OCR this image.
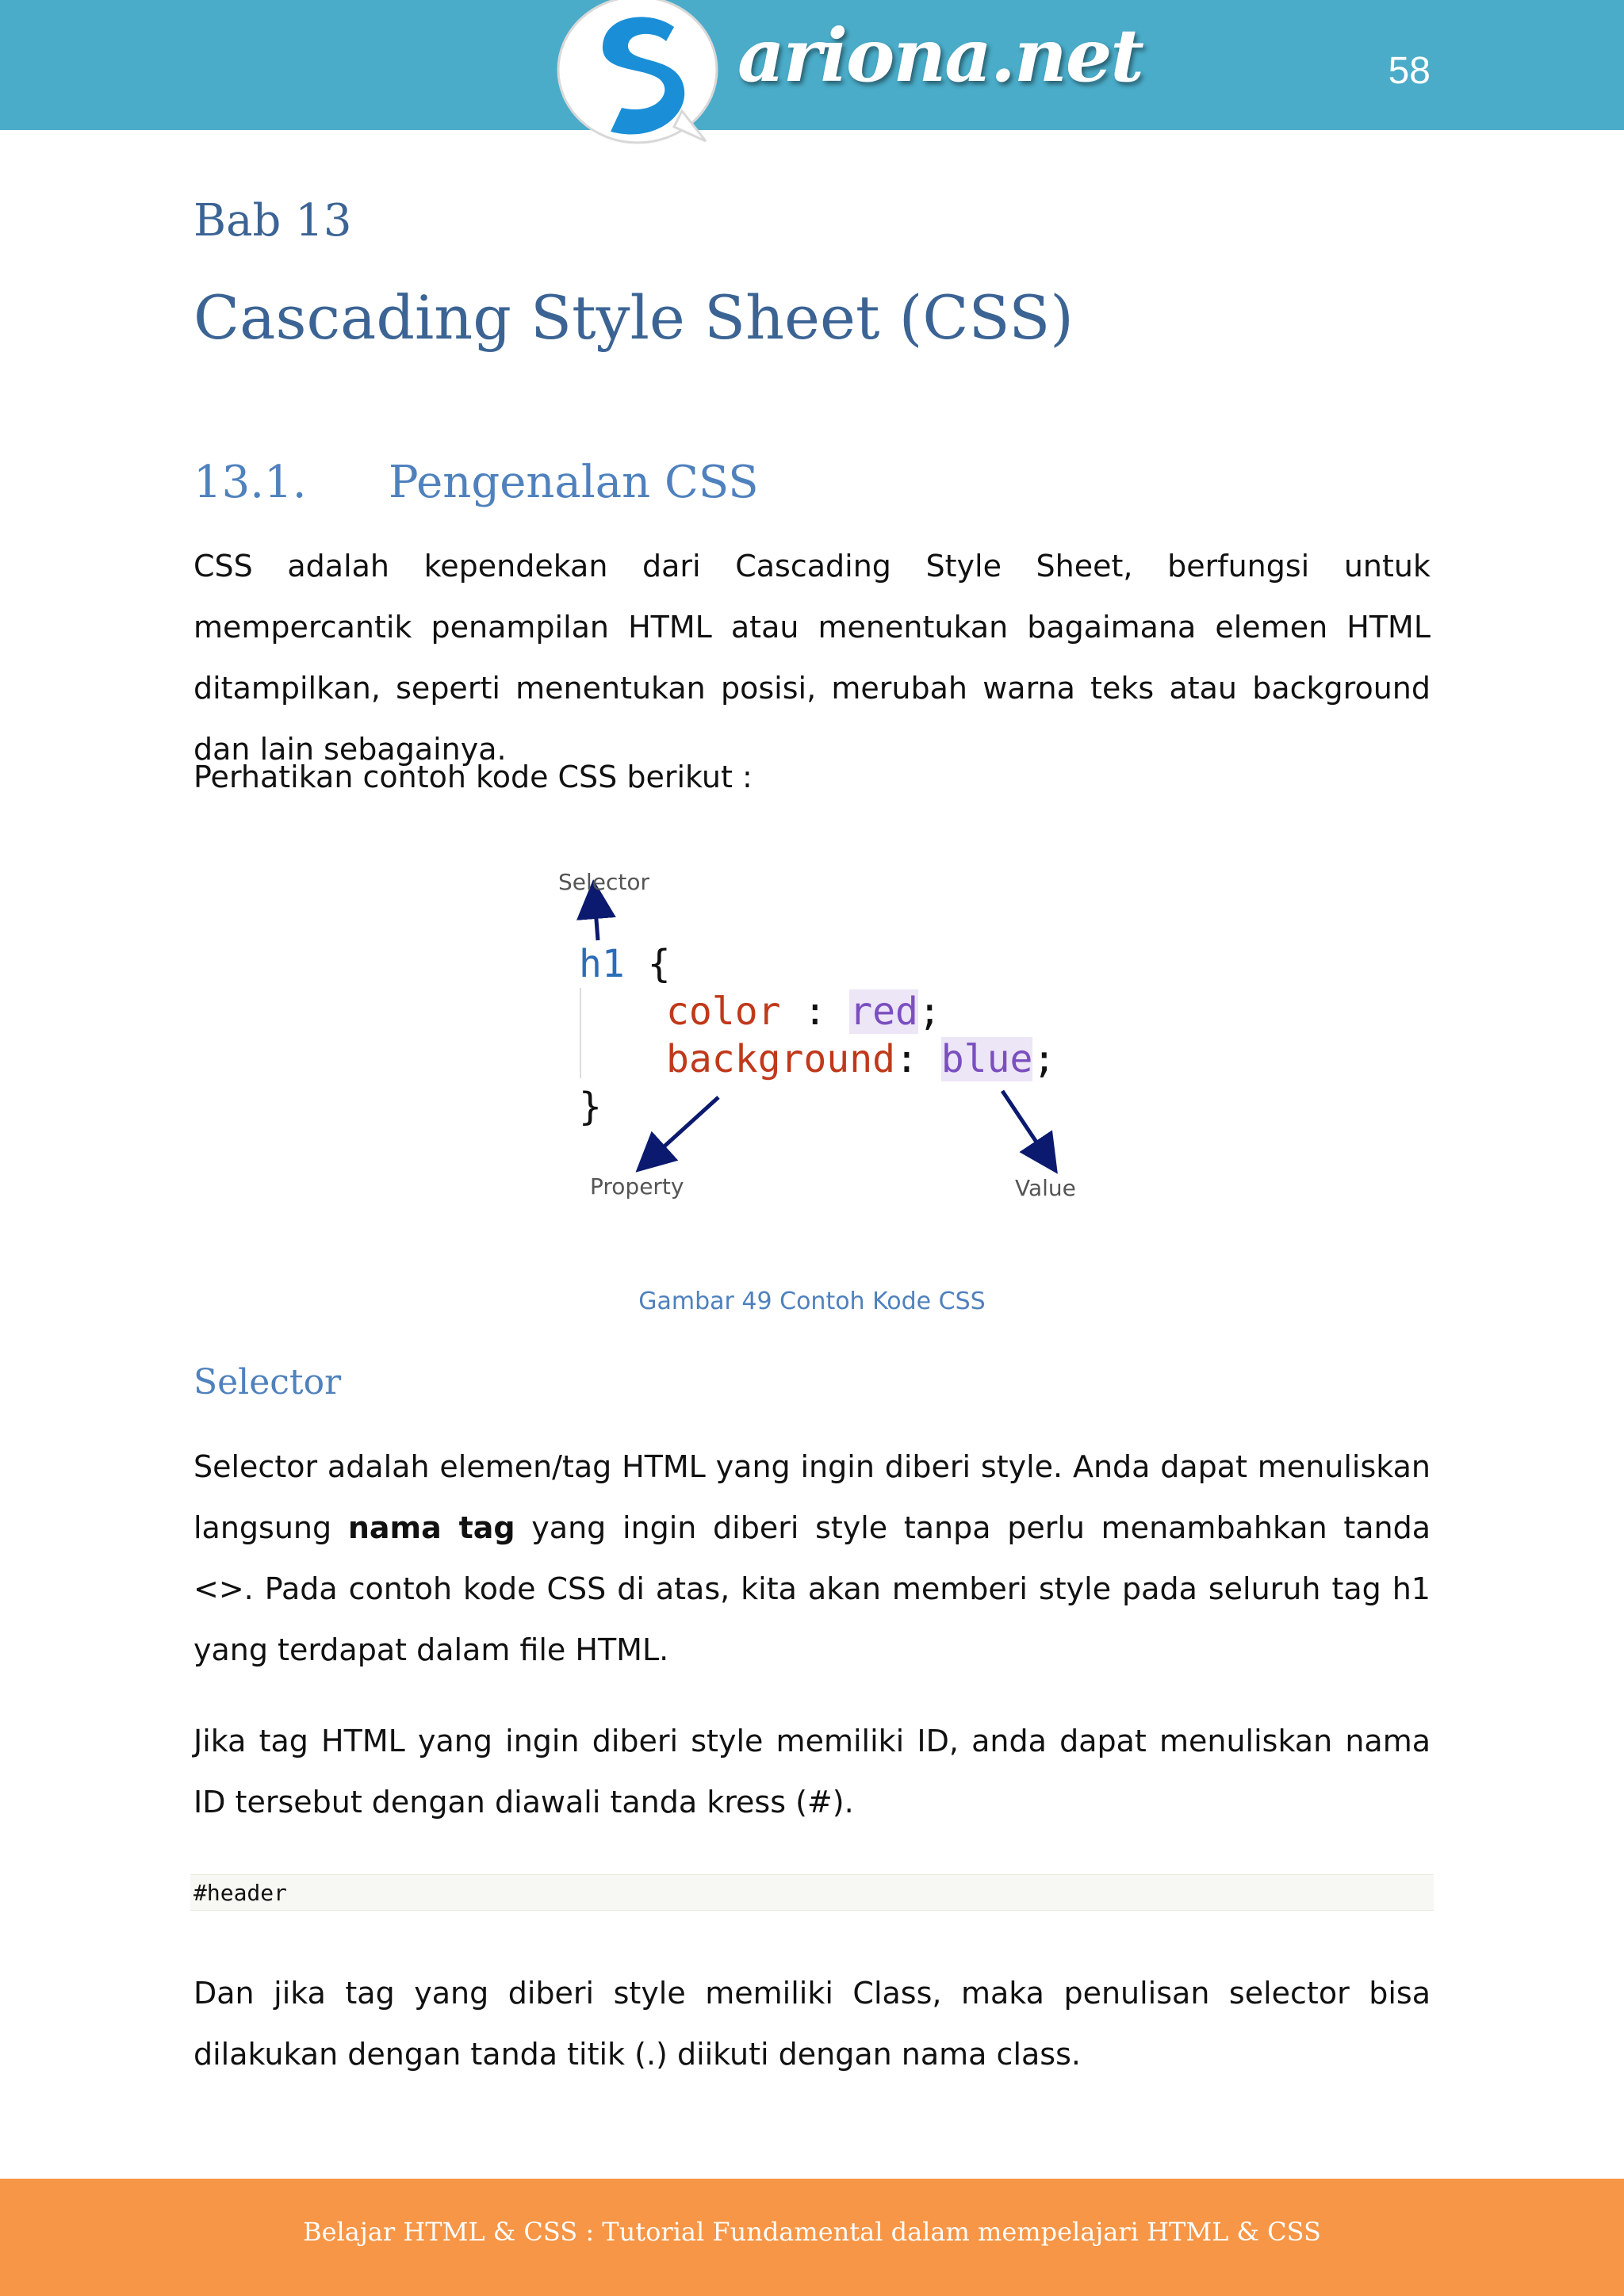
ariona.net	58
Bab 13
Cascading Style Sheet (CSS)
13.1. Pengenalan CSS

CSS adalah kependekan dari Cascading Style Sheet, berfungsi untuk mempercantik penampilan HTML atau menentukan bagaimana elemen HTML ditampilkan, seperti menentukan posisi, merubah warna teks atau background dan lain sebagainya.

Perhatikan contoh kode CSS berikut :

Selector
Property	Value
h1 {
color : red;
background: blue;
}
Gambar 49 Contoh Kode CSS
Selector

Selector adalah elemen/tag HTML yang ingin diberi style. Anda dapat menuliskan langsung nama tag yang ingin diberi style tanpa perlu menambahkan tanda <>. Pada contoh kode CSS di atas, kita akan memberi style pada seluruh tag h1 yang terdapat dalam file HTML.

Jika tag HTML yang ingin diberi style memiliki ID, anda dapat menuliskan nama ID tersebut dengan diawali tanda kress (#).

#header

Dan jika tag yang diberi style memiliki Class, maka penulisan selector bisa dilakukan dengan tanda titik (.) diikuti dengan nama class.

Belajar HTML & CSS : Tutorial Fundamental dalam mempelajari HTML & CSS
